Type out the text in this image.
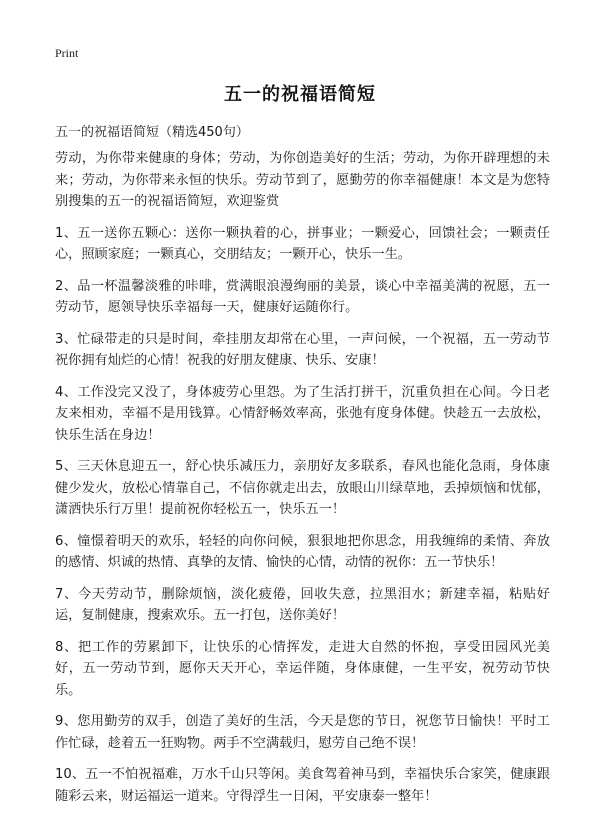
Print
五一的祝福语简短
五一的祝福语简短（精选450句）

劳动，为你带来健康的身体；劳动，为你创造美好的生活；劳动，为你开辟理想的未来；劳动，为你带来永恒的快乐。劳动节到了，愿勤劳的你幸福健康！本文是为您特别搜集的五一的祝福语简短，欢迎鉴赏

1、五一送你五颗心：送你一颗执着的心，拼事业；一颗爱心，回馈社会；一颗责任心，照顾家庭；一颗真心，交朋结友；一颗开心，快乐一生。

2、品一杯温馨淡雅的咔啡，赏满眼浪漫绚丽的美景，谈心中幸福美满的祝愿，五一劳动节，愿领导快乐幸福每一天，健康好运随你行。

3、忙碌带走的只是时间，牵挂朋友却常在心里，一声问候，一个祝福，五一劳动节祝你拥有灿烂的心情！祝我的好朋友健康、快乐、安康！

4、工作没完又没了，身体疲劳心里怨。为了生活打拼干，沉重负担在心间。今日老友来相劝，幸福不是用钱算。心情舒畅效率高，张弛有度身体健。快趁五一去放松，快乐生活在身边！

5、三天休息迎五一，舒心快乐减压力，亲朋好友多联系，春风也能化急雨，身体康健少发火，放松心情靠自己，不信你就走出去，放眼山川绿草地，丢掉烦恼和忧郁，潇洒快乐行万里！提前祝你轻松五一，快乐五一！

6、憧憬着明天的欢乐，轻轻的向你问候，狠狠地把你思念，用我缠绵的柔情、奔放的感情、炽诚的热情、真挚的友情、愉快的心情，动情的祝你：五一节快乐！

7、今天劳动节，删除烦恼，淡化疲倦，回收失意，拉黑泪水；新建幸福，粘贴好运，复制健康，搜索欢乐。五一打包，送你美好！

8、把工作的劳累卸下，让快乐的心情挥发，走进大自然的怀抱，享受田园风光美好，五一劳动节到，愿你天天开心，幸运伴随，身体康健，一生平安，祝劳动节快乐。

9、您用勤劳的双手，创造了美好的生活，今天是您的节日，祝您节日愉快！平时工作忙碌，趁着五一狂购物。两手不空满载归，慰劳自己绝不误！

10、五一不怕祝福难，万水千山只等闲。美食驾着神马到，幸福快乐合家笑，健康跟随彩云来，财运福运一道来。守得浮生一日闲，平安康泰一整年！
